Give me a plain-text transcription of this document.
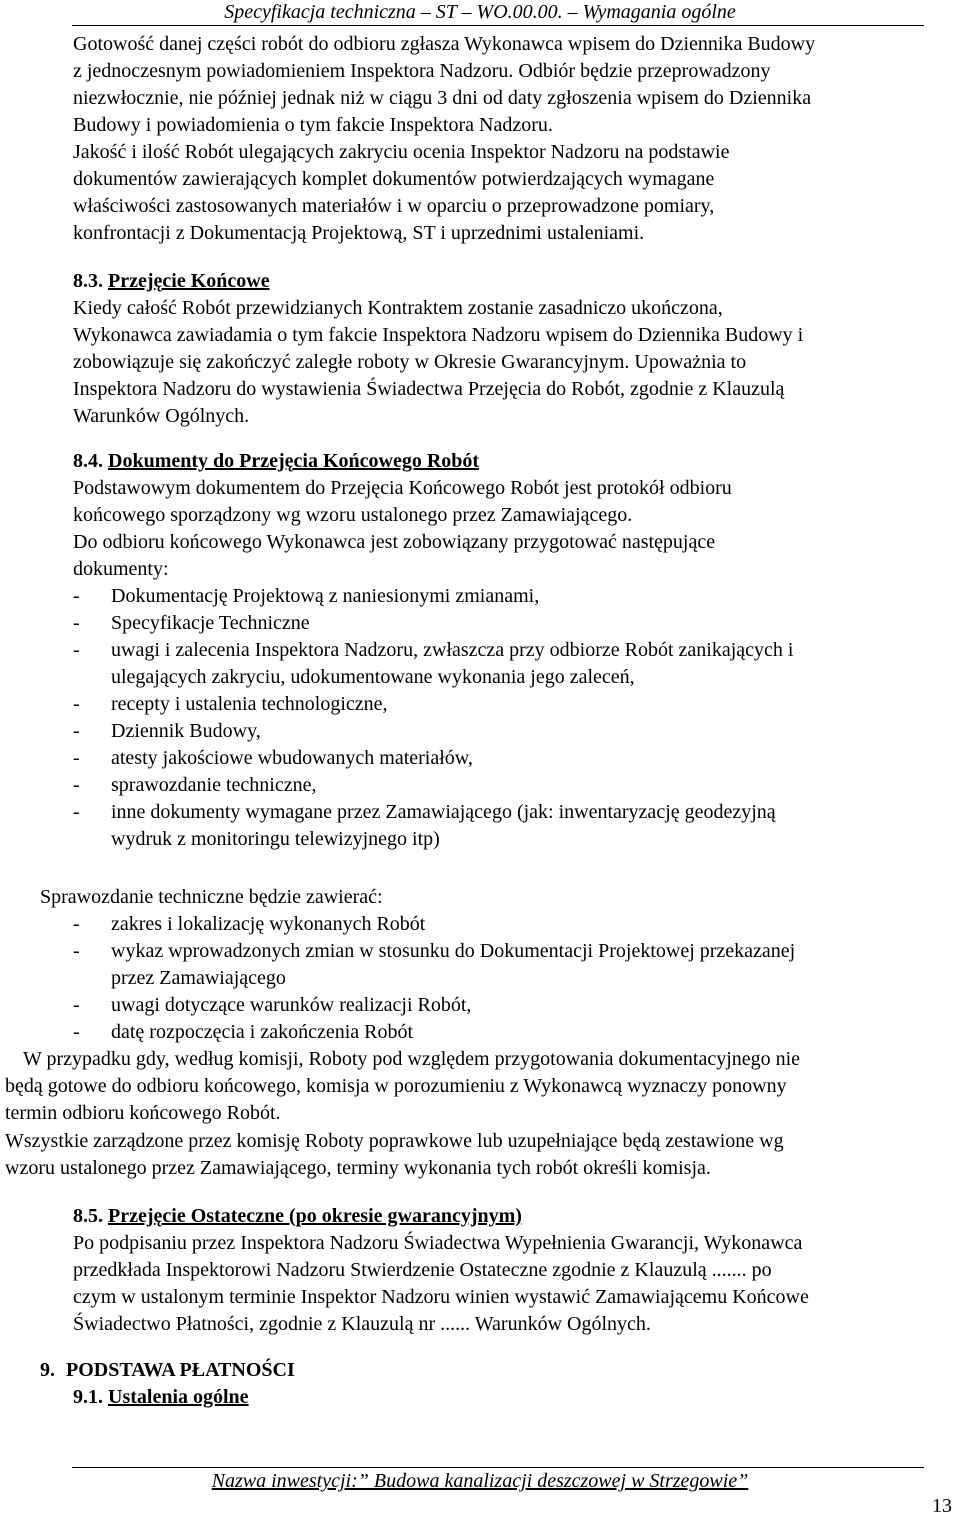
Specyfikacja techniczna – ST – WO.00.00. – Wymagania ogólne
Gotowość danej części robót do odbioru zgłasza Wykonawca wpisem do Dziennika Budowy
z jednoczesnym powiadomieniem Inspektora Nadzoru. Odbiór będzie przeprowadzony
niezwłocznie, nie później jednak niż w ciągu 3 dni od daty zgłoszenia wpisem do Dziennika
Budowy i powiadomienia o tym fakcie Inspektora Nadzoru.
Jakość i ilość Robót ulegających zakryciu ocenia Inspektor Nadzoru na podstawie
dokumentów zawierających komplet dokumentów potwierdzających wymagane
właściwości zastosowanych materiałów i w oparciu o przeprowadzone pomiary,
konfrontacji z Dokumentacją Projektową, ST i uprzednimi ustaleniami.
8.3. Przejęcie Końcowe
Kiedy całość Robót przewidzianych Kontraktem zostanie zasadniczo ukończona,
Wykonawca zawiadamia o tym fakcie Inspektora Nadzoru wpisem do Dziennika Budowy i
zobowiązuje się zakończyć zaległe roboty w Okresie Gwarancyjnym. Upoważnia to
Inspektora Nadzoru do wystawienia Świadectwa Przejęcia do Robót, zgodnie z Klauzulą
Warunków Ogólnych.
8.4. Dokumenty do Przejęcia Końcowego Robót
Podstawowym dokumentem do Przejęcia Końcowego Robót jest protokół odbioru
końcowego sporządzony wg wzoru ustalonego przez Zamawiającego.
Do odbioru końcowego Wykonawca jest zobowiązany przygotować następujące
dokumenty:
- Dokumentację Projektową z naniesionymi zmianami,
- Specyfikacje Techniczne
- uwagi i zalecenia Inspektora Nadzoru, zwłaszcza przy odbiorze Robót zanikających i
ulegających zakryciu, udokumentowane wykonania jego zaleceń,
- recepty i ustalenia technologiczne,
- Dziennik Budowy,
- atesty jakościowe wbudowanych materiałów,
- sprawozdanie techniczne,
- inne dokumenty wymagane przez Zamawiającego (jak: inwentaryzację geodezyjną
wydruk z monitoringu telewizyjnego itp)
Sprawozdanie techniczne będzie zawierać:
- zakres i lokalizację wykonanych Robót
- wykaz wprowadzonych zmian w stosunku do Dokumentacji Projektowej przekazanej
przez Zamawiającego
- uwagi dotyczące warunków realizacji Robót,
- datę rozpoczęcia i zakończenia Robót
W przypadku gdy, według komisji, Roboty pod względem przygotowania dokumentacyjnego nie
będą gotowe do odbioru końcowego, komisja w porozumieniu z Wykonawcą wyznaczy ponowny
termin odbioru końcowego Robót.
Wszystkie zarządzone przez komisję Roboty poprawkowe lub uzupełniające będą zestawione wg
wzoru ustalonego przez Zamawiającego, terminy wykonania tych robót określi komisja.
8.5. Przejęcie Ostateczne (po okresie gwarancyjnym)
Po podpisaniu przez Inspektora Nadzoru Świadectwa Wypełnienia Gwarancji, Wykonawca
przedkłada Inspektorowi Nadzoru Stwierdzenie Ostateczne zgodnie z Klauzulą ....... po
czym w ustalonym terminie Inspektor Nadzoru winien wystawić Zamawiającemu Końcowe
Świadectwo Płatności, zgodnie z Klauzulą nr ...... Warunków Ogólnych.
9. PODSTAWA PŁATNOŚCI
9.1. Ustalenia ogólne
Nazwa inwestycji:” Budowa kanalizacji deszczowej w Strzegowie”
13
